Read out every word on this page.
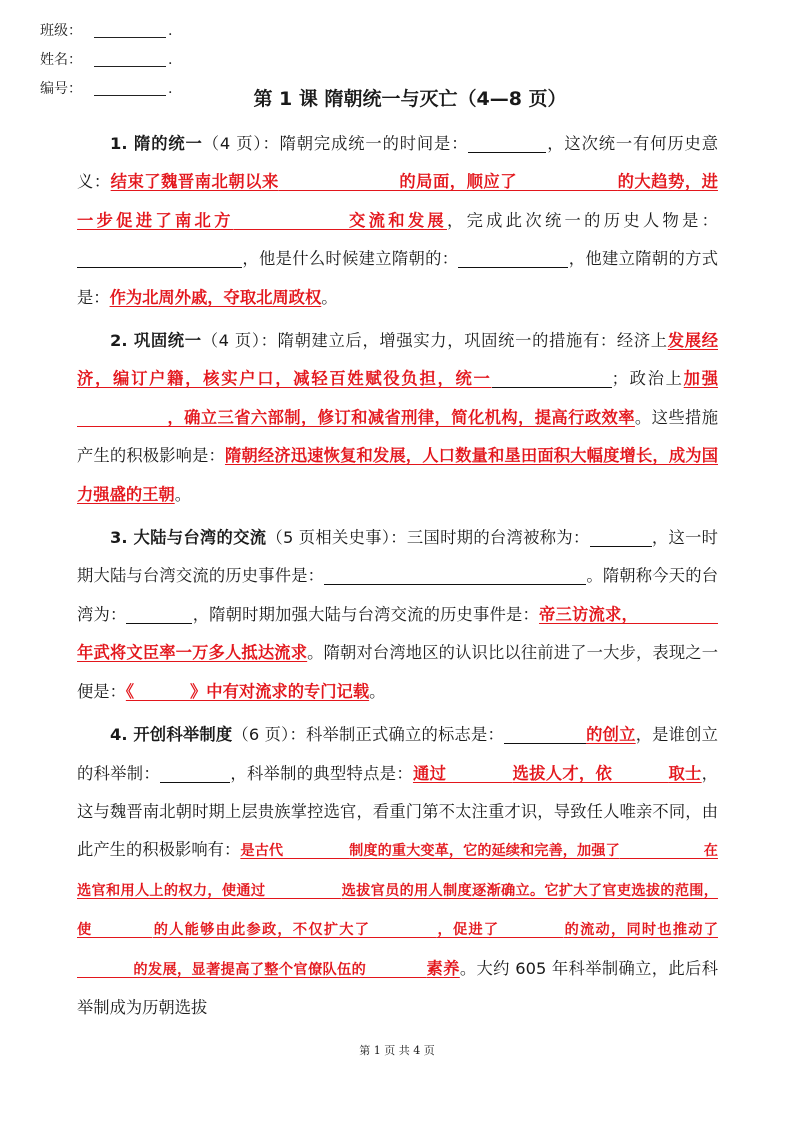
班级：	.
姓名：	.
编号：	.	第 1 课 隋朝统一与灭亡（4—8 页）

1. 隋的统一（4 页）：隋朝完成统一的时间是：	，这次统一有何历史意义：结束了魏晋南北朝以来	的局面，顺应了	的大趋势，进一步促进了南北方	交流和发展，完成此次统一的历史人物是：，他是什么时候建立隋朝的：	，他建立隋朝的方式是：作为北周外戚，夺取北周政权。

2. 巩固统一（4 页）：隋朝建立后，增强实力，巩固统一的措施有：经济上发展经济，编订户籍，核实户口，减轻百姓赋役负担，统一	；政治上加强，确立三省六部制，修订和减省刑律，简化机构，提高行政效率。这些措施产生的积极影响是：隋朝经济迅速恢复和发展，人口数量和垦田面积大幅度增长，成为国力强盛的王朝。

3. 大陆与台湾的交流（5 页相关史事）：三国时期的台湾被称为：	，这一时期大陆与台湾交流的历史事件是：	。隋朝称今天的台湾为：	，隋朝时期加强大陆与台湾交流的历史事件是：帝三访流求，年武将文臣率一万多人抵达流求。隋朝对台湾地区的认识比以往前进了一大步，表现之一便是：《	》中有对流求的专门记载。

4. 开创科举制度（6 页）：科举制正式确立的标志是：	的创立，是谁创立的科举制：	，科举制的典型特点是：通过	选拔人才，依	取士，这与魏晋南北朝时期上层贵族掌控选官，看重门第不太注重才识，导致任人唯亲不同，由此产生的积极影响有：是古代	制度的重大变革，它的延续和完善，加强了	在选官和用人上的权力，使通过	选拔官员的用人制度逐渐确立。它扩大了官吏选拔的范围，使	的人能够由此参政，不仅扩大了	，促进了	的流动，同时也推动了的发展，显著提高了整个官僚队伍的	素养。大约 605 年科举制确立，此后科举制成为历朝选拔

第 1 页 共 4 页
